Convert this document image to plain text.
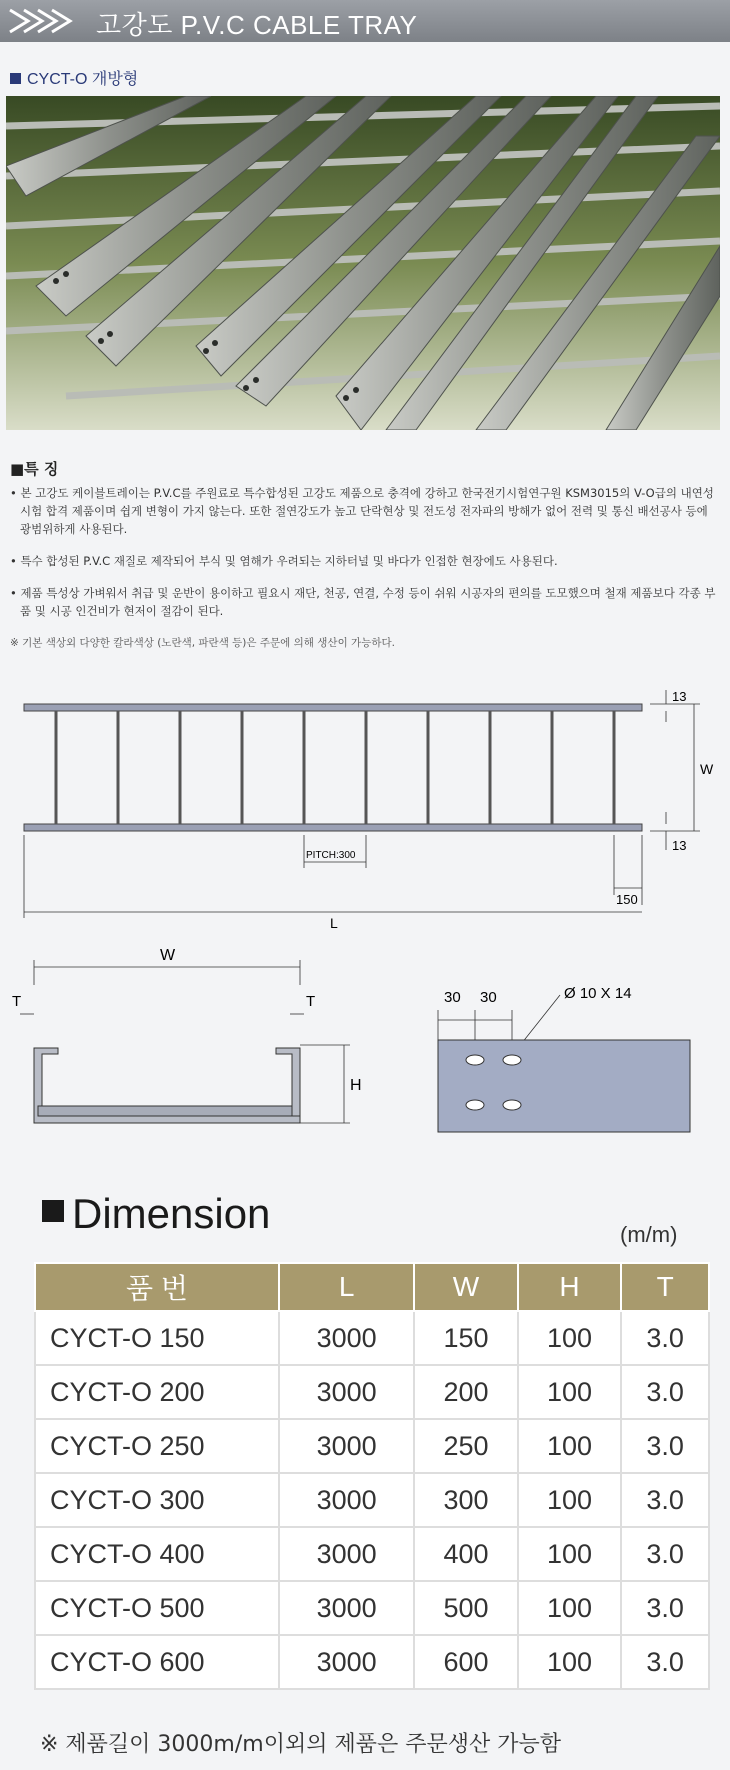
고강도 P.V.C CABLE TRAY
CYCT-O 개방형
■특 징

• 본 고강도 케이블트레이는 P.V.C를 주원료로 특수합성된 고강도 제품으로 충격에 강하고 한국전기시험연구원 KSM3015의 V-O급의 내연성 시험 합격 제품이며 쉽게 변형이 가지 않는다. 또한 절연강도가 높고 단락현상 및 전도성 전자파의 방해가 없어 전력 및 통신 배선공사 등에 광범위하게 사용된다.

• 특수 합성된 P.V.C 재질로 제작되어 부식 및 염해가 우려되는 지하터널 및 바다가 인접한 현장에도 사용된다.

• 제품 특성상 가벼워서 취급 및 운반이 용이하고 필요시 재단, 천공, 연결, 수정 등이 쉬워 시공자의 편의를 도모했으며 철재 제품보다 각종 부품 및 시공 인건비가 현저이 절감이 된다.

※ 기본 색상외 다양한 칼라색상 (노란색, 파란색 등)은 주문에 의해 생산이 가능하다.

13
W
13
PITCH:300
150
L
W
T	T
H
30 30	Ø 10 X 14
Dimension	(m/m)
품 번	L	W	H	T
CYCT-O 150	3000	150	100	3.0
CYCT-O 200	3000	200	100	3.0
CYCT-O 250	3000	250	100	3.0
CYCT-O 300	3000	300	100	3.0
CYCT-O 400	3000	400	100	3.0
CYCT-O 500	3000	500	100	3.0
CYCT-O 600	3000	600	100	3.0
※ 제품길이 3000m/m이외의 제품은 주문생산 가능함
